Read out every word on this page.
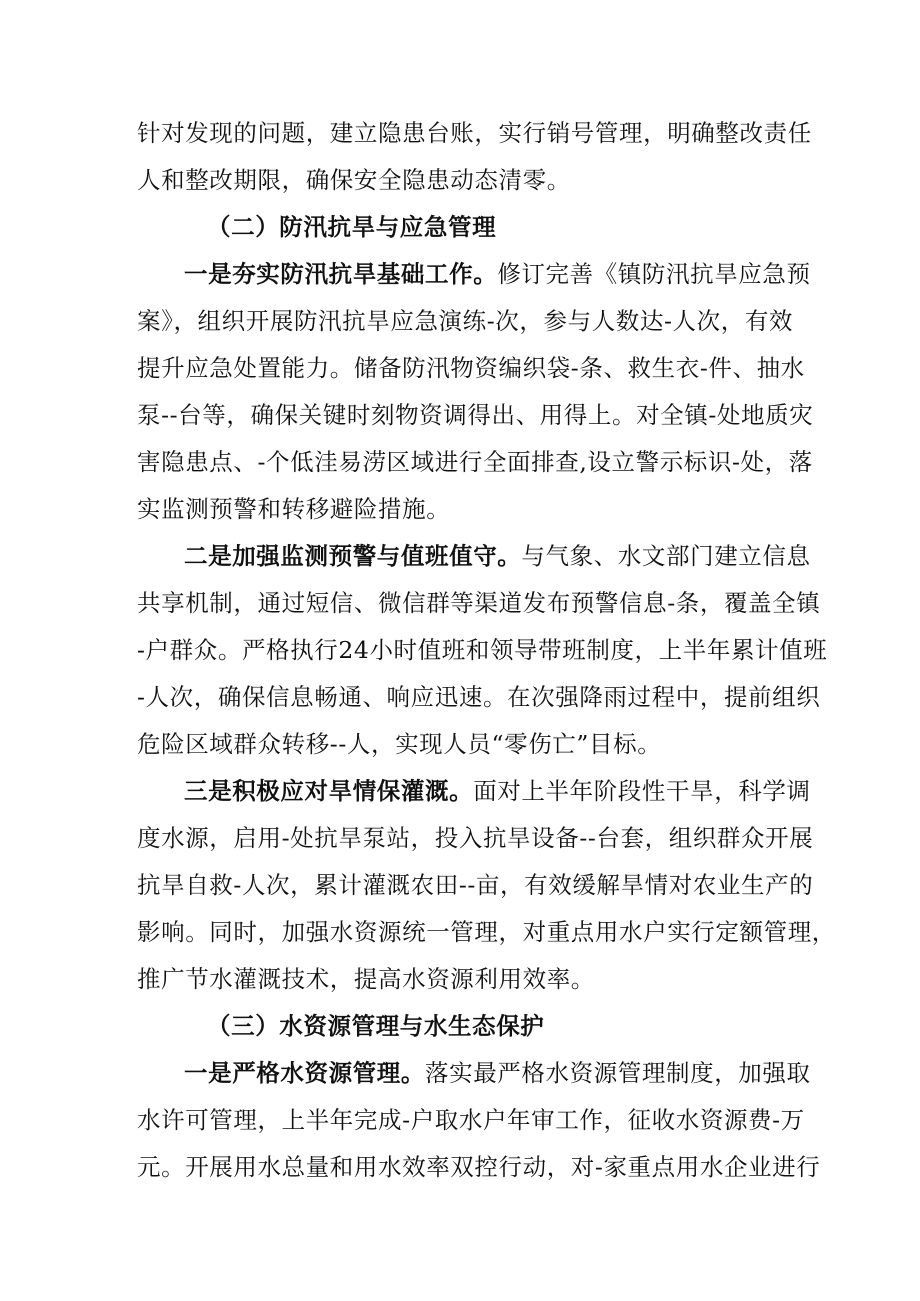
针对发现的问题，建立隐患台账，实行销号管理，明确整改责任
人和整改期限，确保安全隐患动态清零。
（二）防汛抗旱与应急管理
一是夯实防汛抗旱基础工作。修订完善《镇防汛抗旱应急预
案》，组织开展防汛抗旱应急演练-次，参与人数达-人次，有效
提升应急处置能力。储备防汛物资编织袋-条、救生衣-件、抽水
泵--台等，确保关键时刻物资调得出、用得上。对全镇-处地质灾
害隐患点、-个低洼易涝区域进行全面排查,设立警示标识-处，落
实监测预警和转移避险措施。
二是加强监测预警与值班值守。与气象、水文部门建立信息
共享机制，通过短信、微信群等渠道发布预警信息-条，覆盖全镇
-户群众。严格执行24小时值班和领导带班制度，上半年累计值班
-人次，确保信息畅通、响应迅速。在次强降雨过程中，提前组织
危险区域群众转移--人，实现人员“零伤亡”目标。
三是积极应对旱情保灌溉。面对上半年阶段性干旱，科学调
度水源，启用-处抗旱泵站，投入抗旱设备--台套，组织群众开展
抗旱自救-人次，累计灌溉农田--亩，有效缓解旱情对农业生产的
影响。同时，加强水资源统一管理，对重点用水户实行定额管理，
推广节水灌溉技术，提高水资源利用效率。
（三）水资源管理与水生态保护
一是严格水资源管理。落实最严格水资源管理制度，加强取
水许可管理，上半年完成-户取水户年审工作，征收水资源费-万
元。开展用水总量和用水效率双控行动，对-家重点用水企业进行
